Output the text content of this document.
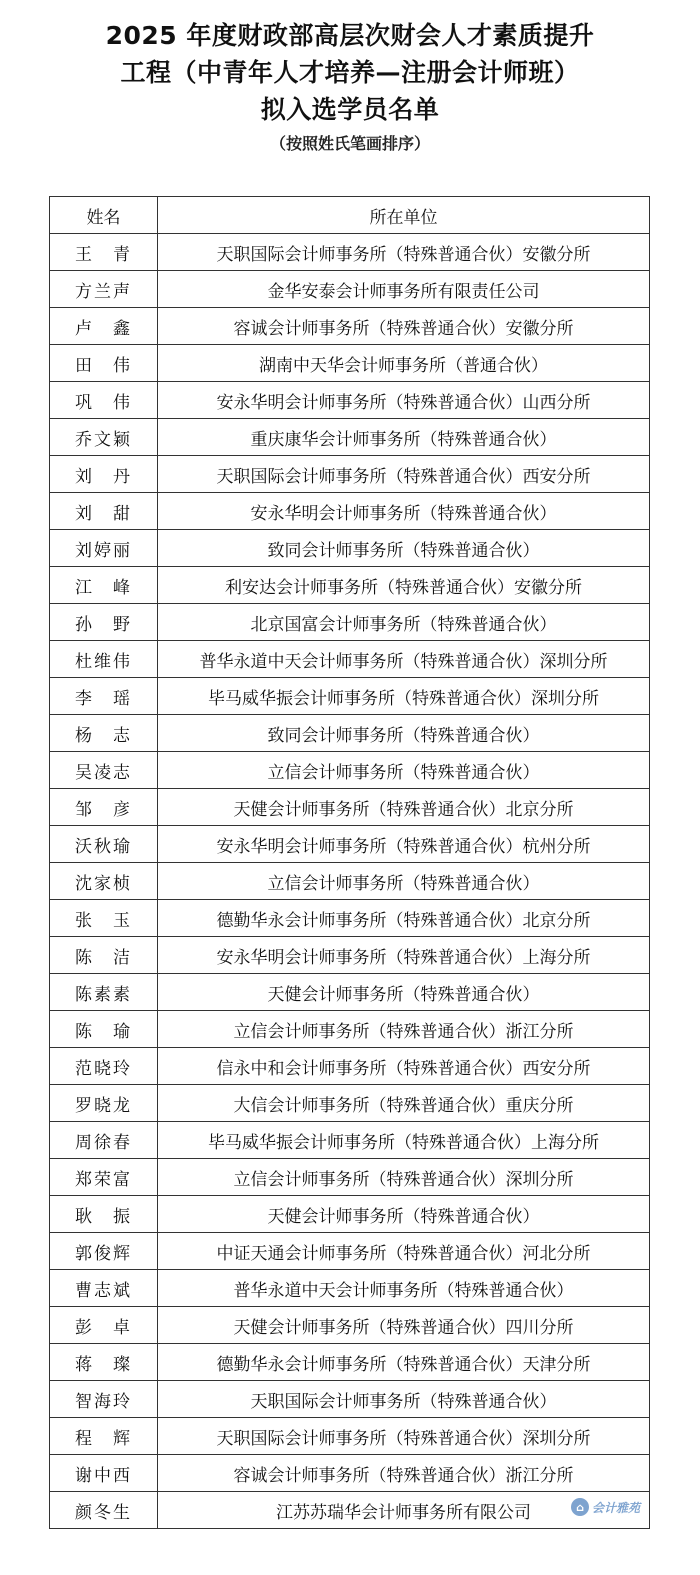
2025 年度财政部高层次财会人才素质提升
工程（中青年人才培养—注册会计师班）
拟入选学员名单
（按照姓氏笔画排序）
姓名	所在单位
王　青	天职国际会计师事务所（特殊普通合伙）安徽分所
方兰声	金华安泰会计师事务所有限责任公司
卢　鑫	容诚会计师事务所（特殊普通合伙）安徽分所
田　伟	湖南中天华会计师事务所（普通合伙）
巩　伟	安永华明会计师事务所（特殊普通合伙）山西分所
乔文颖	重庆康华会计师事务所（特殊普通合伙）
刘　丹	天职国际会计师事务所（特殊普通合伙）西安分所
刘　甜	安永华明会计师事务所（特殊普通合伙）
刘婷丽	致同会计师事务所（特殊普通合伙）
江　峰	利安达会计师事务所（特殊普通合伙）安徽分所
孙　野	北京国富会计师事务所（特殊普通合伙）
杜维伟	普华永道中天会计师事务所（特殊普通合伙）深圳分所
李　瑶	毕马威华振会计师事务所（特殊普通合伙）深圳分所
杨　志	致同会计师事务所（特殊普通合伙）
吴凌志	立信会计师事务所（特殊普通合伙）
邹　彦	天健会计师事务所（特殊普通合伙）北京分所
沃秋瑜	安永华明会计师事务所（特殊普通合伙）杭州分所
沈家桢	立信会计师事务所（特殊普通合伙）
张　玉	德勤华永会计师事务所（特殊普通合伙）北京分所
陈　洁	安永华明会计师事务所（特殊普通合伙）上海分所
陈素素	天健会计师事务所（特殊普通合伙）
陈　瑜	立信会计师事务所（特殊普通合伙）浙江分所
范晓玲	信永中和会计师事务所（特殊普通合伙）西安分所
罗晓龙	大信会计师事务所（特殊普通合伙）重庆分所
周徐春	毕马威华振会计师事务所（特殊普通合伙）上海分所
郑荣富	立信会计师事务所（特殊普通合伙）深圳分所
耿　振	天健会计师事务所（特殊普通合伙）
郭俊辉	中证天通会计师事务所（特殊普通合伙）河北分所
曹志斌	普华永道中天会计师事务所（特殊普通合伙）
彭　卓	天健会计师事务所（特殊普通合伙）四川分所
蒋　璨	德勤华永会计师事务所（特殊普通合伙）天津分所
智海玲	天职国际会计师事务所（特殊普通合伙）
程　辉	天职国际会计师事务所（特殊普通合伙）深圳分所
谢中西	容诚会计师事务所（特殊普通合伙）浙江分所
颜冬生	江苏苏瑞华会计师事务所有限公司	⌂ 会计雅苑
